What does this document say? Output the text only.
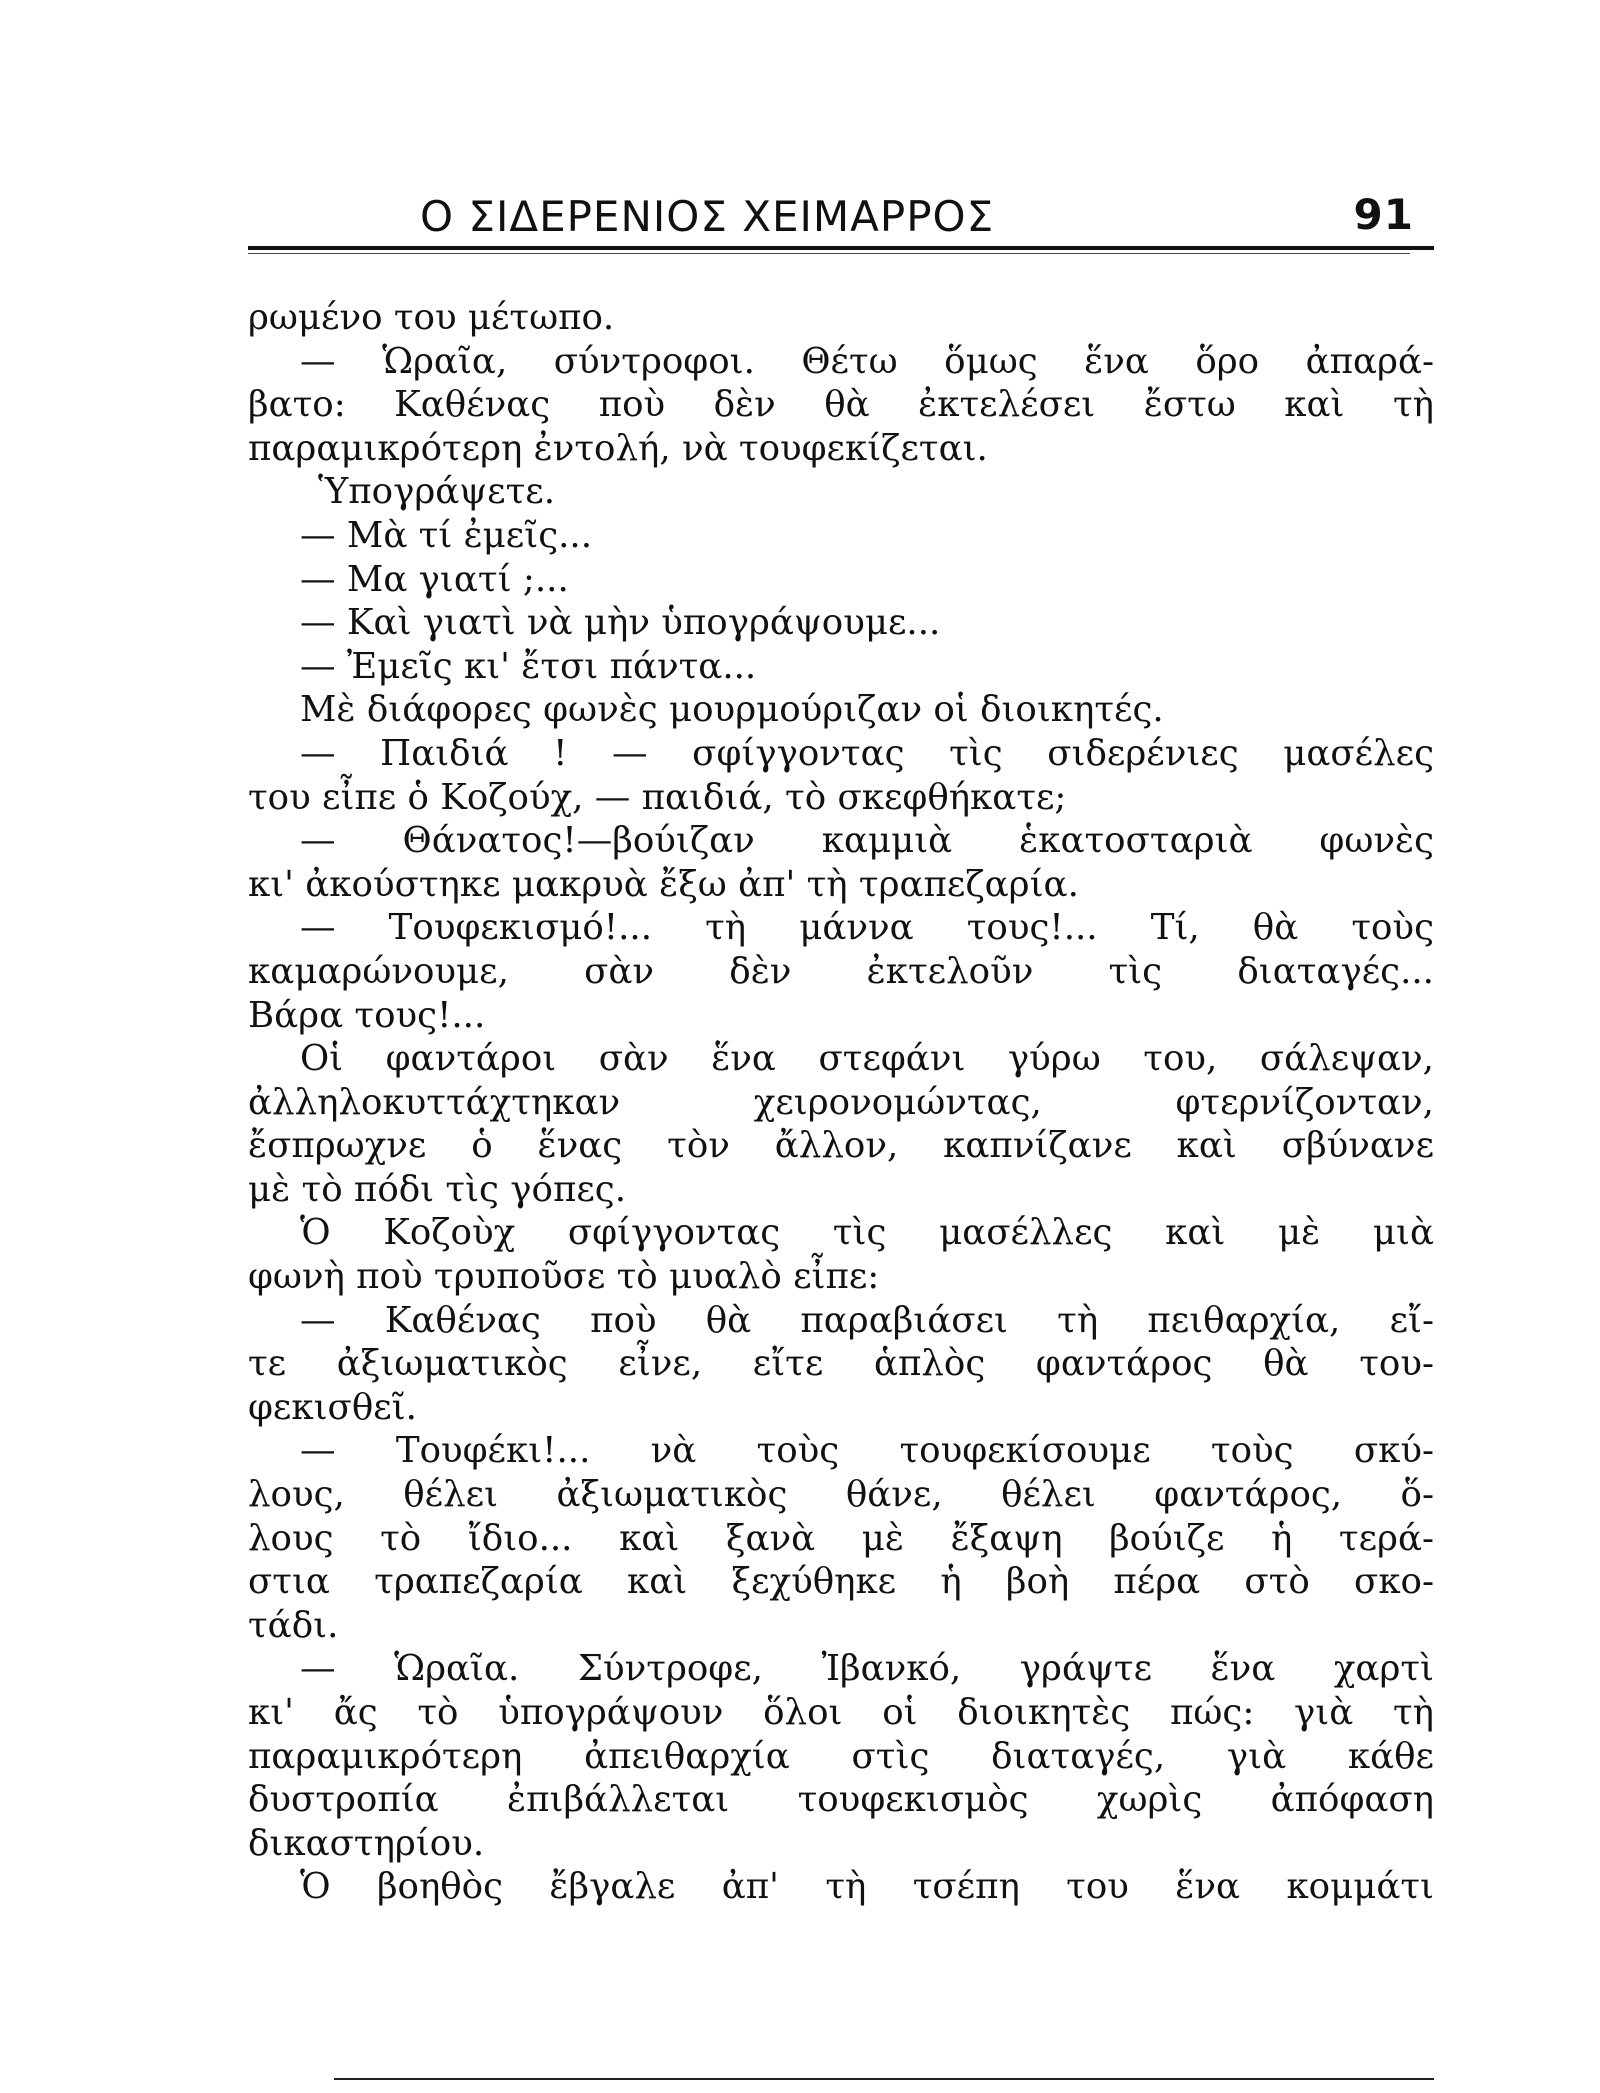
Ο ΣΙΔΕΡΕΝΙΟΣ ΧΕΙΜΑΡΡΟΣ	91
ρωμένο του μέτωπο.
— Ὡραῖα, σύντροφοι. Θέτω ὅμως ἕνα ὅρο ἀπαρά-
βατο: Καθένας ποὺ δὲν θὰ ἐκτελέσει ἔστω καὶ τὴ
παραμικρότερη ἐντολή, νὰ τουφεκίζεται.
Ὑπογράψετε.
— Μὰ τί ἐμεῖς...
— Μα γιατί ;...
— Καὶ γιατὶ νὰ μὴν ὑπογράψουμε...
— Ἐμεῖς κι' ἔτσι πάντα...
Μὲ διάφορες φωνὲς μουρμούριζαν οἱ διοικητές.
— Παιδιά ! — σφίγγοντας τὶς σιδερένιες μασέλες
του εἶπε ὁ Κοζούχ, — παιδιά, τὸ σκεφθήκατε;
— Θάνατος!—βούιζαν καμμιὰ ἑκατοσταριὰ φωνὲς
κι' ἀκούστηκε μακρυὰ ἔξω ἀπ' τὴ τραπεζαρία.
— Τουφεκισμό!... τὴ μάννα τους!... Τί, θὰ τοὺς
καμαρώνουμε, σὰν δὲν ἐκτελοῦν τὶς διαταγές...
Βάρα τους!...
Οἱ φαντάροι σὰν ἕνα στεφάνι γύρω του, σάλεψαν,
ἀλληλοκυττάχτηκαν χειρονομώντας, φτερνίζονταν,
ἔσπρωχνε ὁ ἕνας τὸν ἄλλον, καπνίζανε καὶ σβύνανε
μὲ τὸ πόδι τὶς γόπες.
Ὁ Κοζοὺχ σφίγγοντας τὶς μασέλλες καὶ μὲ μιὰ
φωνὴ ποὺ τρυποῦσε τὸ μυαλὸ εἶπε:
— Καθένας ποὺ θὰ παραβιάσει τὴ πειθαρχία, εἴ-
τε ἀξιωματικὸς εἶνε, εἴτε ἁπλὸς φαντάρος θὰ του-
φεκισθεῖ.
— Τουφέκι!... νὰ τοὺς τουφεκίσουμε τοὺς σκύ-
λους, θέλει ἀξιωματικὸς θάνε, θέλει φαντάρος, ὅ-
λους τὸ ἴδιο... καὶ ξανὰ μὲ ἔξαψη βούιζε ἡ τερά-
στια τραπεζαρία καὶ ξεχύθηκε ἡ βοὴ πέρα στὸ σκο-
τάδι.
— Ὡραῖα. Σύντροφε, Ἰβανκό, γράψτε ἕνα χαρτὶ
κι' ἄς τὸ ὑπογράψουν ὅλοι οἱ διοικητὲς πώς: γιὰ τὴ
παραμικρότερη ἀπειθαρχία στὶς διαταγές, γιὰ κάθε
δυστροπία ἐπιβάλλεται τουφεκισμὸς χωρὶς ἀπόφαση
δικαστηρίου.
Ὁ βοηθὸς ἔβγαλε ἀπ' τὴ τσέπη του ἕνα κομμάτι
